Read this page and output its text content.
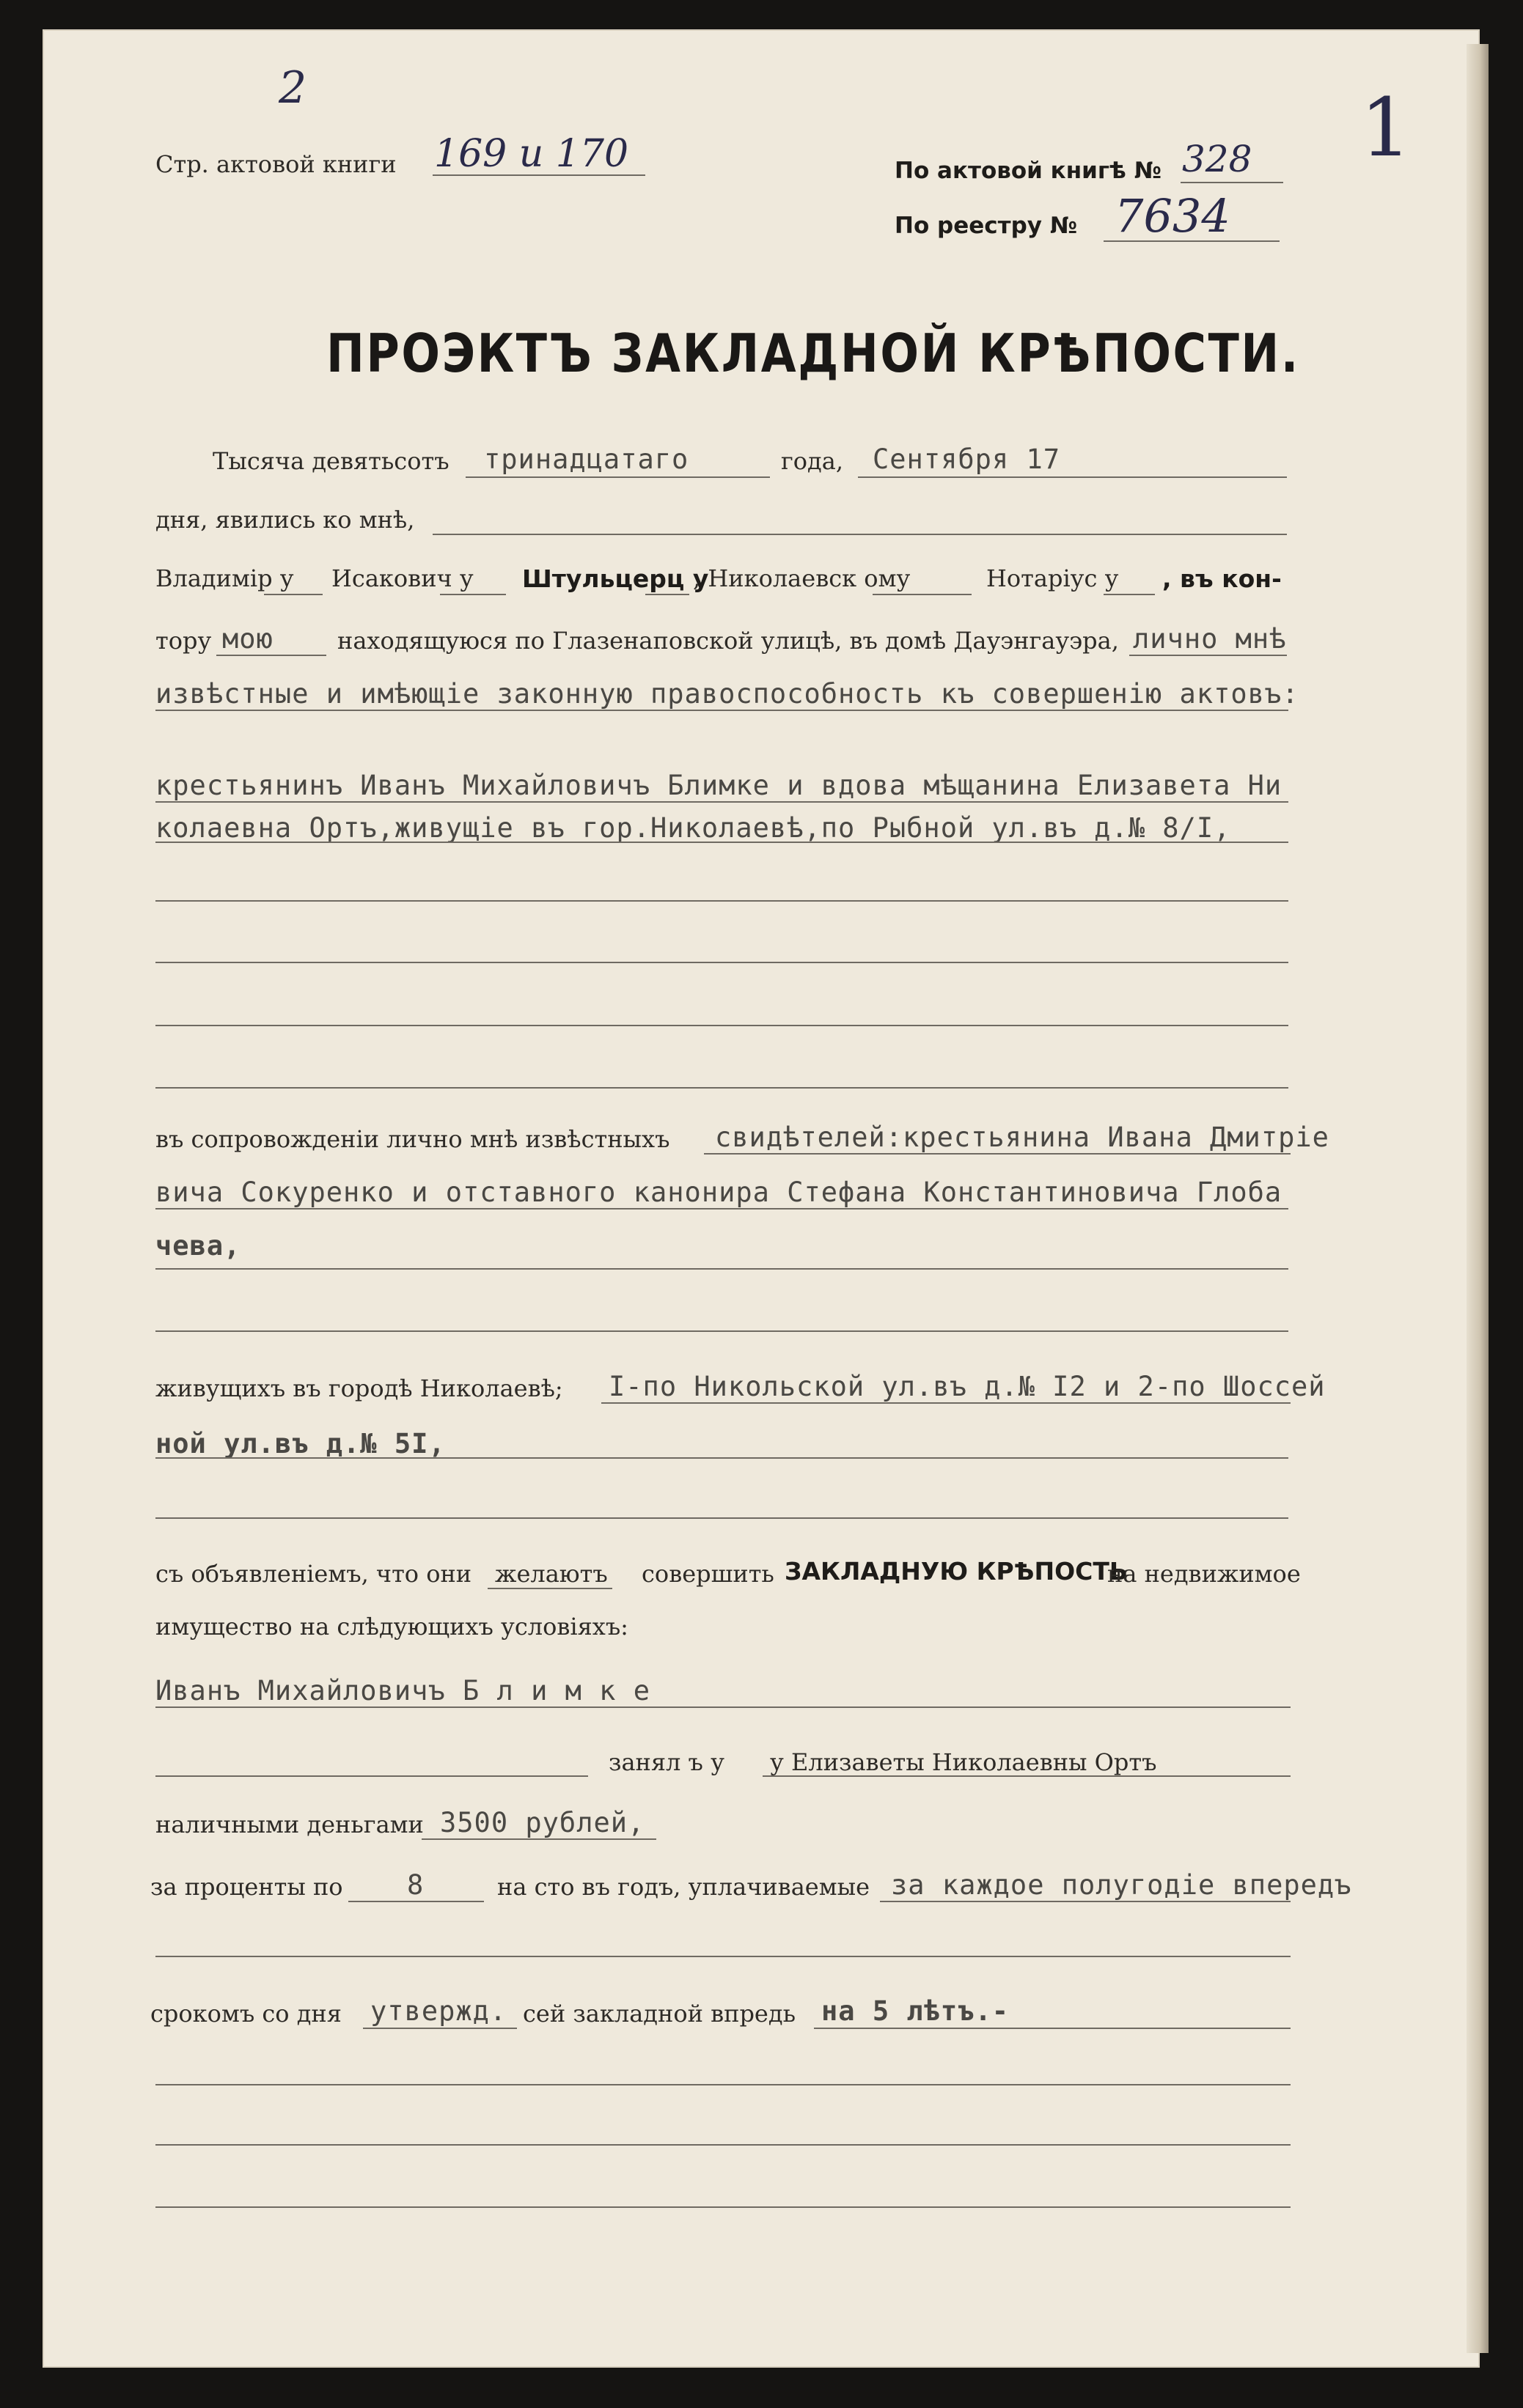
2	1
Стр. актовой книги 169 и 170	По актовой книгѣ № 328
По реестру № 7634
ПРОЭКТЪ ЗАКЛАДНОЙ КРѢПОСТИ.
Тысяча девятьсотъ тринадцатаго	года, Сентября 17
дня, явились ко мнѣ,
Владимір у Исакович у Штульцерц у
, Николаевск ому	Нотаріус у , въ кон-
тору мою	находящуюся по Глазенаповской улицѣ, въ домѣ Дауэнгауэра, лично мнѣ
извѣстные и имѣющіе законную правоспособность къ совершенію актовъ:
крестьянинъ Иванъ Михайловичъ Блимке и вдова мѣщанина Елизавета Ни
колаевна Ортъ,живущіе въ гор.Николаевѣ,по Рыбной ул.въ д.№ 8/I,
въ сопровожденіи лично мнѣ извѣстныхъ свидѣтелей:крестьянина Ивана Дмитріе
вича Сокуренко и отставного канонира Стефана Константиновича Глоба
чева,
живущихъ въ городѣ Николаевѣ; I-по Никольской ул.въ д.№ I2 и 2-по Шоссей
ной ул.въ д.№ 5I,
съ объявленіемъ, что они желаютъ совершить ЗАКЛАДНУЮ КРѢПОСТЬ
на недвижимое
имущество на слѣдующихъ условіяхъ:
Иванъ Михайловичъ Б л и м к е
занял ъ у у Елизаветы Николаевны Ортъ
наличными деньгами 3500 рублей,
за проценты по 8	на сто въ годъ, уплачиваемые за каждое полугодіе впередъ
срокомъ со дня утвержд. сей закладной впредь на 5 лѣтъ.-
